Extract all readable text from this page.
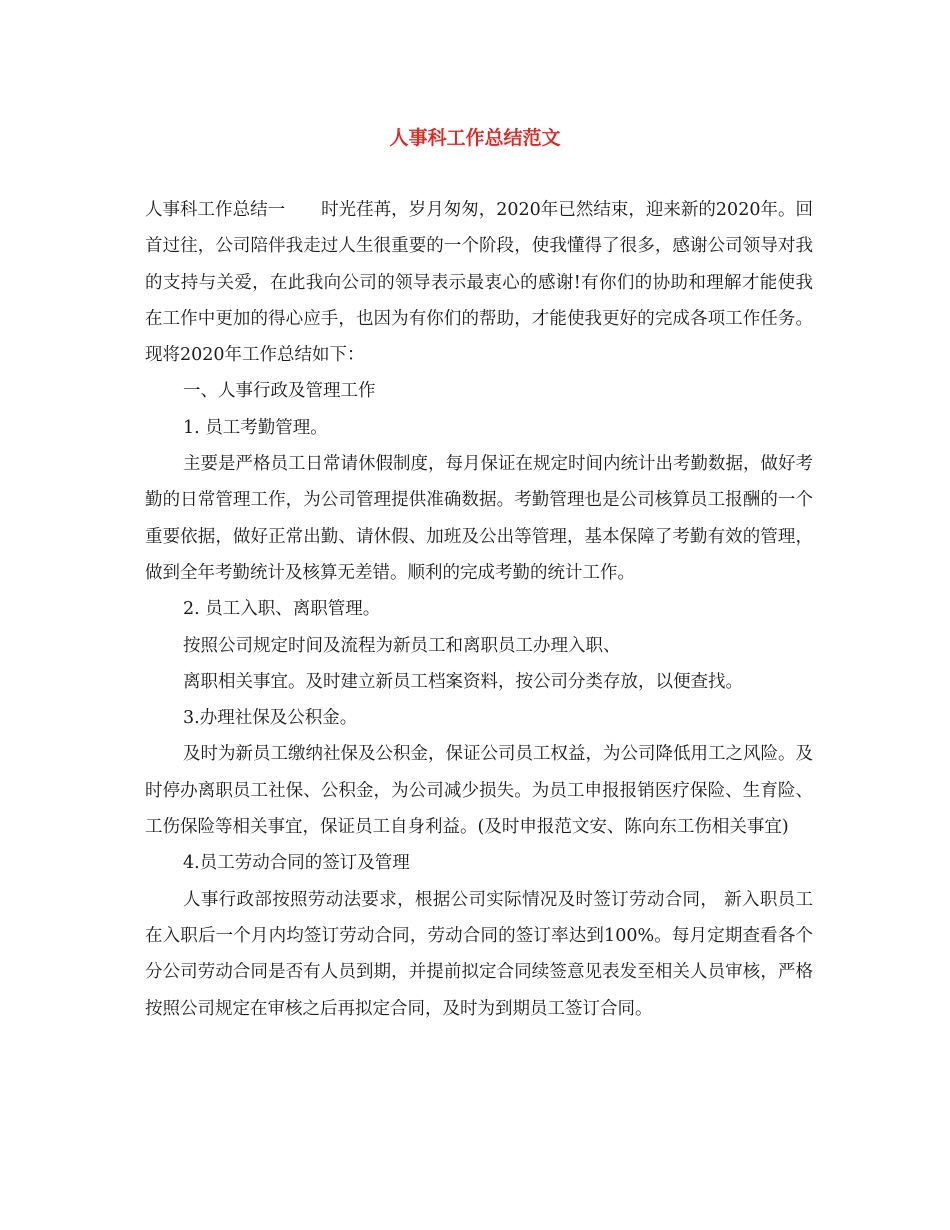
人事科工作总结范文

人事科工作总结一 时光荏苒，岁月匆匆，2020年已然结束，迎来新的2020年。回首过往，公司陪伴我走过人生很重要的一个阶段，使我懂得了很多，感谢公司领导对我的支持与关爱，在此我向公司的领导表示最衷心的感谢!有你们的协助和理解才能使我在工作中更加的得心应手，也因为有你们的帮助，才能使我更好的完成各项工作任务。现将2020年工作总结如下：

一、人事行政及管理工作

1. 员工考勤管理。

主要是严格员工日常请休假制度，每月保证在规定时间内统计出考勤数据，做好考勤的日常管理工作，为公司管理提供准确数据。考勤管理也是公司核算员工报酬的一个重要依据，做好正常出勤、请休假、加班及公出等管理，基本保障了考勤有效的管理，做到全年考勤统计及核算无差错。顺利的完成考勤的统计工作。

2. 员工入职、离职管理。

按照公司规定时间及流程为新员工和离职员工办理入职、

离职相关事宜。及时建立新员工档案资料，按公司分类存放，以便查找。

3.办理社保及公积金。

及时为新员工缴纳社保及公积金，保证公司员工权益，为公司降低用工之风险。及时停办离职员工社保、公积金，为公司减少损失。为员工申报报销医疗保险、生育险、工伤保险等相关事宜，保证员工自身利益。(及时申报范文安、陈向东工伤相关事宜)

4.员工劳动合同的签订及管理

人事行政部按照劳动法要求，根据公司实际情况及时签订劳动合同， 新入职员工在入职后一个月内均签订劳动合同，劳动合同的签订率达到100%。每月定期查看各个分公司劳动合同是否有人员到期，并提前拟定合同续签意见表发至相关人员审核，严格按照公司规定在审核之后再拟定合同，及时为到期员工签订合同。
